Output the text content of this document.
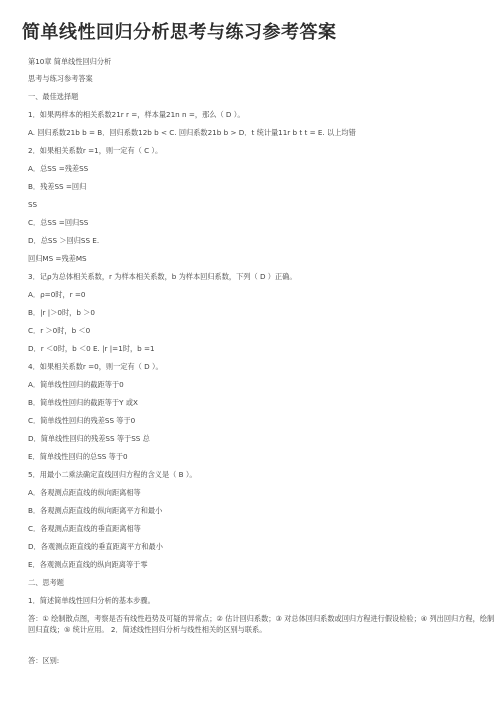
简单线性回归分析思考与练习参考答案
第10章 简单线性回归分析
思考与练习参考答案
一、最佳选择题
1．如果两样本的相关系数21r r =，样本量21n n =，那么（ D ）。
A. 回归系数21b b = B．回归系数12b b < C. 回归系数21b b > D．t 统计量11r b t t = E. 以上均错
2．如果相关系数r =1，则一定有（ C ）。
A．总SS =残差SS
B．残差SS =回归
SS
C．总SS =回归SS
D．总SS ＞回归SS E.
回归MS =残差MS
3．记ρ为总体相关系数，r 为样本相关系数，b 为样本回归系数，下列（ D ）正确。
A．ρ=0时，r =0
B．|r |＞0时，b ＞0
C．r ＞0时，b ＜0
D．r ＜0时，b ＜0 E. |r |=1时，b =1
4．如果相关系数r =0，则一定有（ D ）。
A．简单线性回归的截距等于0
B．简单线性回归的截距等于Y 或X
C．简单线性回归的残差SS 等于0
D．简单线性回归的残差SS 等于SS 总
E．简单线性回归的总SS 等于0
5．用最小二乘法确定直线回归方程的含义是（ B ）。
A．各观测点距直线的纵向距离相等
B．各观测点距直线的纵向距离平方和最小
C．各观测点距直线的垂直距离相等
D．各观测点距直线的垂直距离平方和最小
E．各观测点距直线的纵向距离等于零
二、思考题
1．简述简单线性回归分析的基本步骤。
答：① 绘制散点图，考察是否有线性趋势及可疑的异常点；② 估计回归系数；③ 对总体回归系数或回归方程进行假设检验；④ 列出回归方程，绘制回归直线；⑤ 统计应用。 2．简述线性回归分析与线性相关的区别与联系。
答：区别:
